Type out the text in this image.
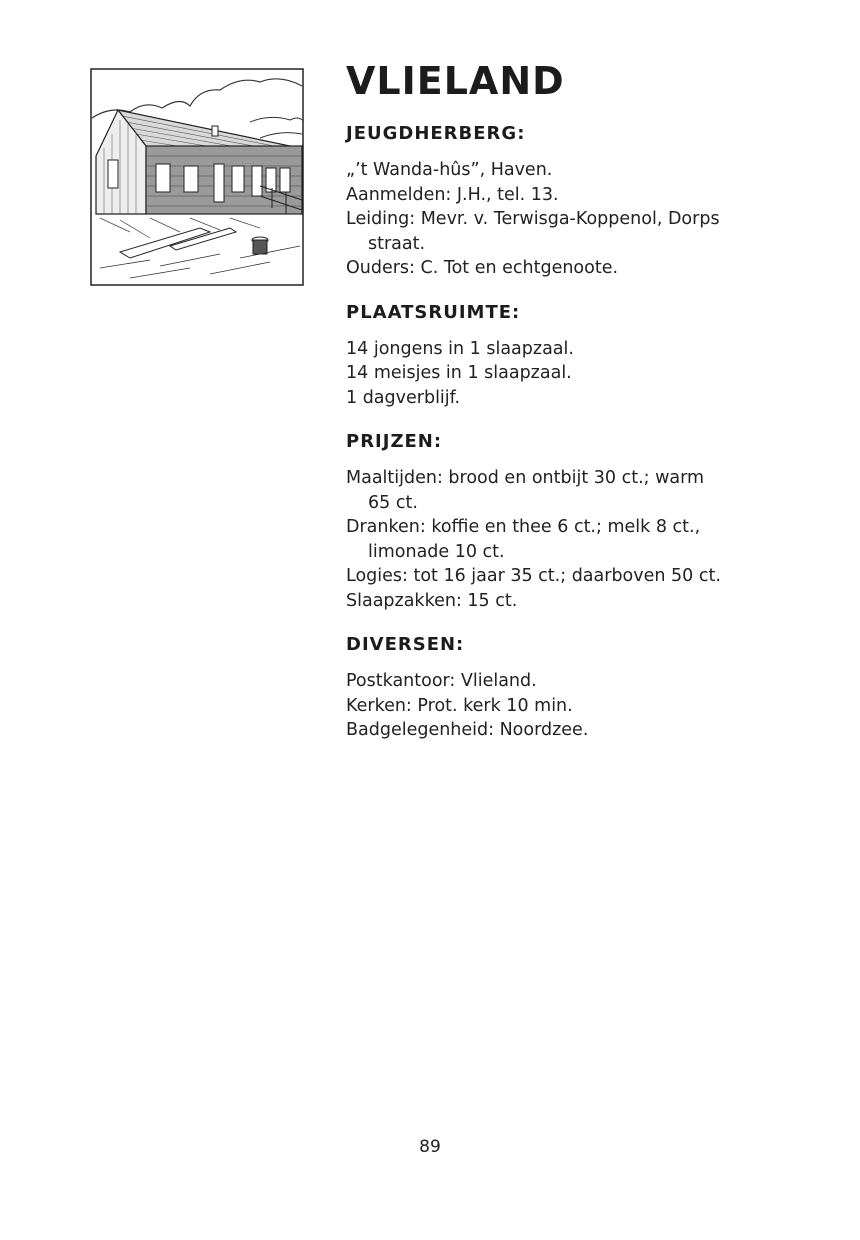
VLIELAND
JEUGDHERBERG:

„’t Wanda-hûs”, Haven.

Aanmelden: J.H., tel. 13.

Leiding: Mevr. v. Terwisga-Koppenol, Dorps

straat.

Ouders: C. Tot en echtgenoote.

PLAATSRUIMTE:

14 jongens in 1 slaapzaal.

14 meisjes in 1 slaapzaal.

1 dagverblijf.

PRIJZEN:

Maaltijden: brood en ontbijt 30 ct.; warm

65 ct.

Dranken: koffie en thee 6 ct.; melk 8 ct.,

limonade 10 ct.

Logies: tot 16 jaar 35 ct.; daarboven 50 ct.

Slaapzakken: 15 ct.

DIVERSEN:

Postkantoor: Vlieland.

Kerken: Prot. kerk 10 min.

Badgelegenheid: Noordzee.

89
